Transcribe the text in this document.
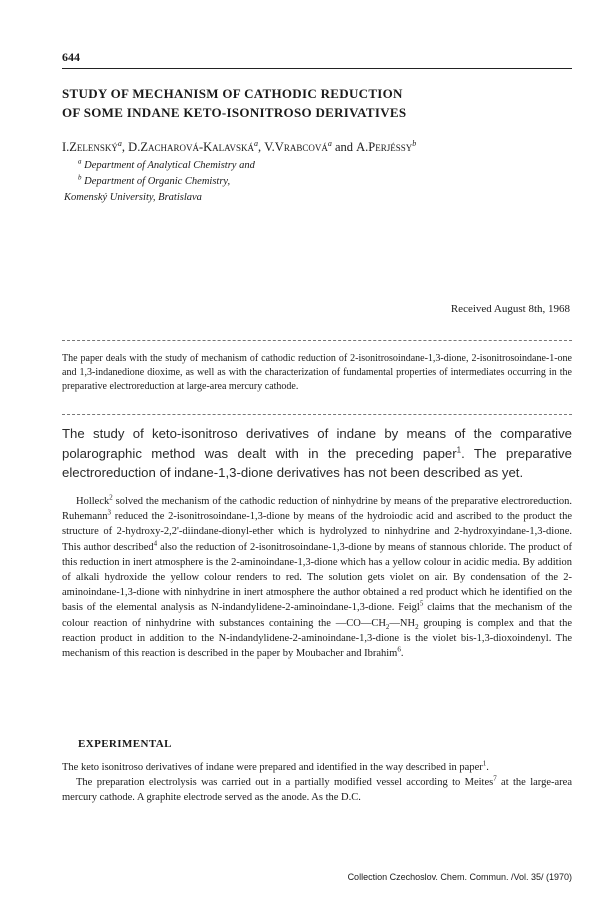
644
STUDY OF MECHANISM OF CATHODIC REDUCTION
OF SOME INDANE KETO-ISONITROSO DERIVATIVES
I.Zelenský$^a$, D.Zacharová-Kalavská$^a$, V.Vrabcová$^a$ and A.Perjéssy$^b$
$^a$ Department of Analytical Chemistry and
$^b$ Department of Organic Chemistry,
Komenský University, Bratislava
Received August 8th, 1968
The paper deals with the study of mechanism of cathodic reduction of 2-isonitrosoindane-1,3-dione, 2-isonitrosoindane-1-one and 1,3-indanedione dioxime, as well as with the characterization of fundamental properties of intermediates occurring in the preparative electroreduction at large-area mercury cathode.
The study of keto-isonitroso derivatives of indane by means of the comparative polarographic method was dealt with in the preceding paper$^1$. The preparative electroreduction of indane-1,3-dione derivatives has not been described as yet.

Holleck$^2$ solved the mechanism of the cathodic reduction of ninhydrine by means of the preparative electroreduction. Ruhemann$^3$ reduced the 2-isonitrosoindane-1,3-dione by means of the hydroiodic acid and ascribed to the product the structure of 2-hydroxy-2,2'-diindane-dionyl-ether which is hydrolyzed to ninhydrine and 2-hydroxyindane-1,3-dione. This author described$^4$ also the reduction of 2-isonitrosoindane-1,3-dione by means of stannous chloride. The product of this reduction in inert atmosphere is the 2-aminoindane-1,3-dione which has a yellow colour in acidic media. By addition of alkali hydroxide the yellow colour renders to red. The solution gets violet on air. By condensation of the 2-aminoindane-1,3-dione with ninhydrine in inert atmosphere the author obtained a red product which he identified on the basis of the elemental analysis as N-indandylidene-2-aminoindane-1,3-dione. Feigl$^5$ claims that the mechanism of the colour reaction of ninhydrine with substances containing the $—CO—CH_2—NH_2$ grouping is complex and that the reaction product in addition to the N-indandylidene-2-aminoindane-1,3-dione is the violet bis-1,3-dioxoindenyl. The mechanism of this reaction is described in the paper by Moubacher and Ibrahim$^6$.

EXPERIMENTAL

The keto isonitroso derivatives of indane were prepared and identified in the way described in paper$^1$.

The preparation electrolysis was carried out in a partially modified vessel according to Meites$^7$ at the large-area mercury cathode. A graphite electrode served as the anode. As the D.C.

Collection Czechoslov. Chem. Commun. /Vol. 35/ (1970)
